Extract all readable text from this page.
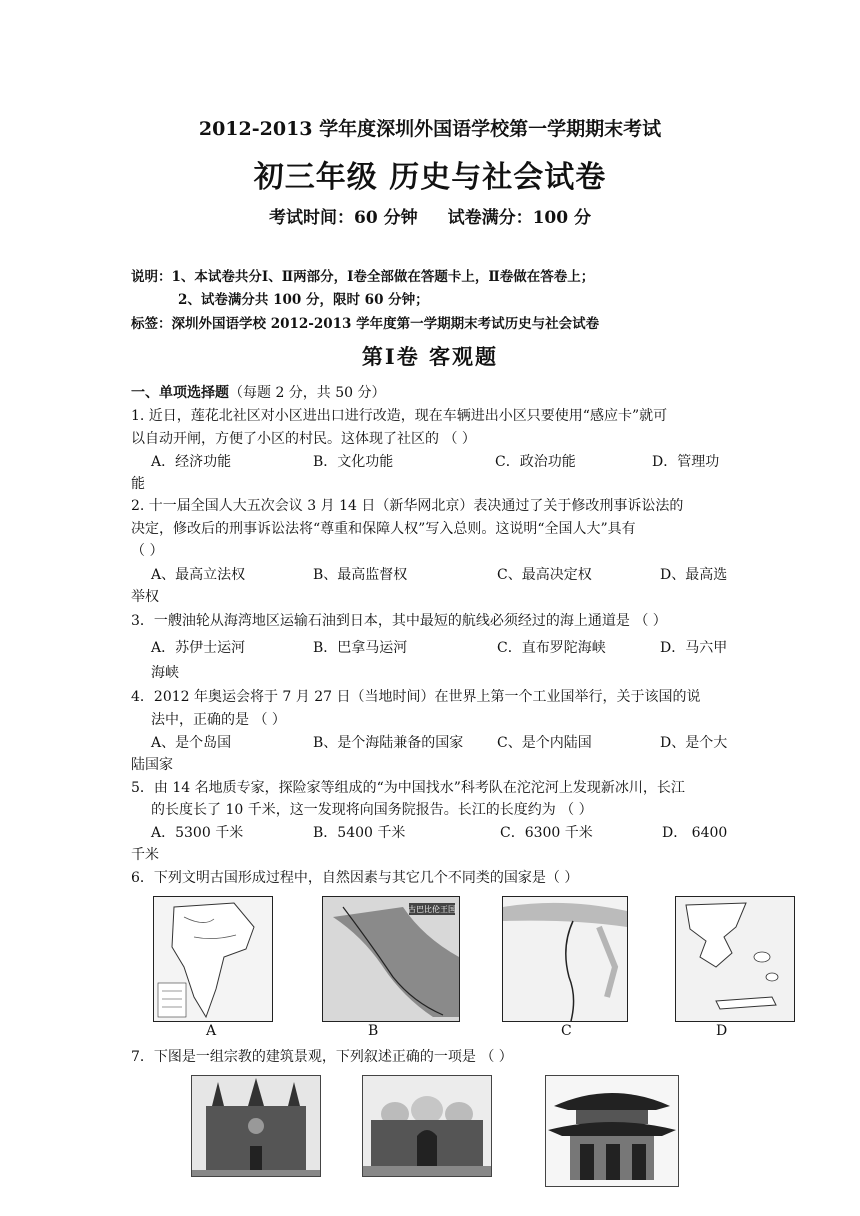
2012-2013 学年度深圳外国语学校第一学期期末考试
初三年级 历史与社会试卷
考试时间：60 分钟 试卷满分：100 分
说明：1、本试卷共分Ⅰ、Ⅱ两部分，Ⅰ卷全部做在答题卡上，Ⅱ卷做在答卷上；
2、试卷满分共 100 分，限时 60 分钟；
标签：深圳外国语学校 2012-2013 学年度第一学期期末考试历史与社会试卷
第Ⅰ卷 客观题
一、单项选择题（每题 2 分，共 50 分）
1. 近日，莲花北社区对小区进出口进行改造，现在车辆进出小区只要使用“感应卡”就可
以自动开闸，方便了小区的村民。这体现了社区的 （ ）
A．经济功能	B．文化功能	C．政治功能	D．管理功
能
2. 十一届全国人大五次会议 3 月 14 日（新华网北京）表决通过了关于修改刑事诉讼法的
决定，修改后的刑事诉讼法将“尊重和保障人权”写入总则。这说明“全国人大”具有
（ ）
A、最高立法权	B、最高监督权	C、最高决定权	D、最高选
举权
3．一艘油轮从海湾地区运输石油到日本，其中最短的航线必须经过的海上通道是 （ ）
A．苏伊士运河	B．巴拿马运河	C．直布罗陀海峡	D．马六甲
海峡
4．2012 年奥运会将于 7 月 27 日（当地时间）在世界上第一个工业国举行，关于该国的说
法中，正确的是 （ ）
A、是个岛国	B、是个海陆兼备的国家 C、是个内陆国	D、是个大
陆国家
5．由 14 名地质专家，探险家等组成的“为中国找水”科考队在沱沱河上发现新冰川，长江
的长度长了 10 千米，这一发现将向国务院报告。长江的长度约为 （ ）
A．5300 千米	B．5400 千米	C．6300 千米	D． 6400
千米
6．下列文明古国形成过程中，自然因素与其它几个不同类的国家是（ ）
古巴比伦王国
A	B	C	D
7．下图是一组宗教的建筑景观，下列叙述正确的一项是 （ ）
